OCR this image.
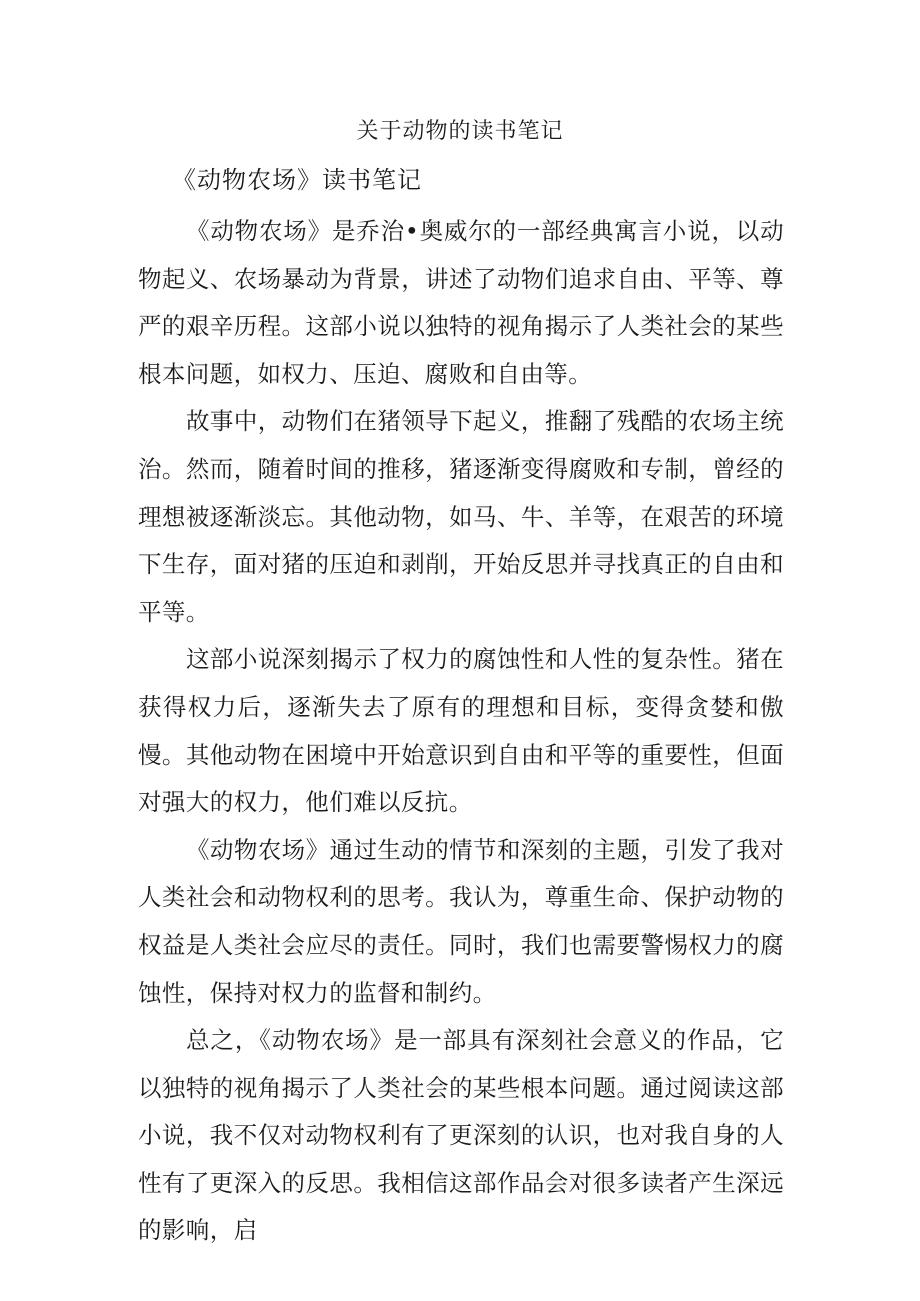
关于动物的读书笔记
《动物农场》读书笔记

《动物农场》是乔治•奥威尔的一部经典寓言小说，以动物起义、农场暴动为背景，讲述了动物们追求自由、平等、尊严的艰辛历程。这部小说以独特的视角揭示了人类社会的某些根本问题，如权力、压迫、腐败和自由等。

故事中，动物们在猪领导下起义，推翻了残酷的农场主统治。然而，随着时间的推移，猪逐渐变得腐败和专制，曾经的理想被逐渐淡忘。其他动物，如马、牛、羊等，在艰苦的环境下生存，面对猪的压迫和剥削，开始反思并寻找真正的自由和平等。

这部小说深刻揭示了权力的腐蚀性和人性的复杂性。猪在获得权力后，逐渐失去了原有的理想和目标，变得贪婪和傲慢。其他动物在困境中开始意识到自由和平等的重要性，但面对强大的权力，他们难以反抗。

《动物农场》通过生动的情节和深刻的主题，引发了我对人类社会和动物权利的思考。我认为，尊重生命、保护动物的权益是人类社会应尽的责任。同时，我们也需要警惕权力的腐蚀性，保持对权力的监督和制约。

总之，《动物农场》是一部具有深刻社会意义的作品，它以独特的视角揭示了人类社会的某些根本问题。通过阅读这部小说，我不仅对动物权利有了更深刻的认识，也对我自身的人性有了更深入的反思。我相信这部作品会对很多读者产生深远的影响，启
